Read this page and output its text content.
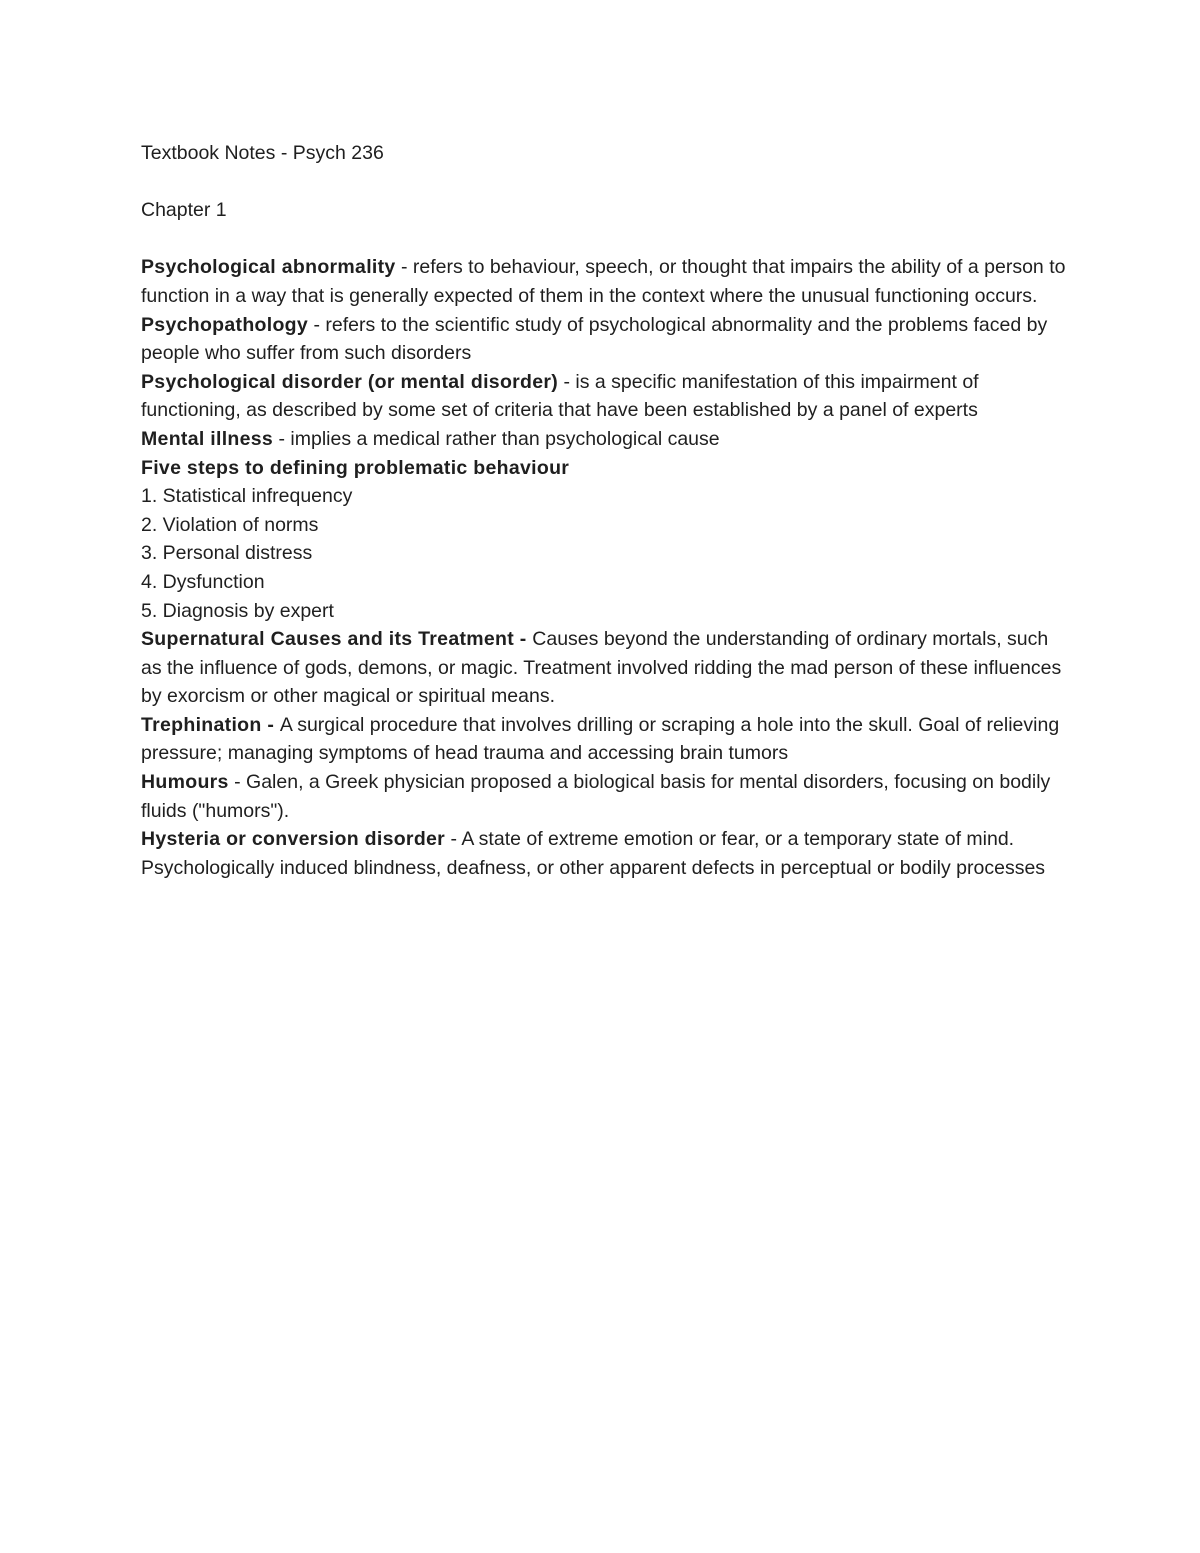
Textbook Notes - Psych 236

Chapter 1

Psychological abnormality - refers to behaviour, speech, or thought that impairs the ability of a person to function in a way that is generally expected of them in the context where the unusual functioning occurs.

Psychopathology - refers to the scientific study of psychological abnormality and the problems faced by people who suffer from such disorders

Psychological disorder (or mental disorder) - is a specific manifestation of this impairment of functioning, as described by some set of criteria that have been established by a panel of experts

Mental illness - implies a medical rather than psychological cause

Five steps to defining problematic behaviour

1. Statistical infrequency
2. Violation of norms
3. Personal distress
4. Dysfunction
5. Diagnosis by expert

Supernatural Causes and its Treatment - Causes beyond the understanding of ordinary mortals, such as the influence of gods, demons, or magic. Treatment involved ridding the mad person of these influences by exorcism or other magical or spiritual means.

Trephination - A surgical procedure that involves drilling or scraping a hole into the skull. Goal of relieving pressure; managing symptoms of head trauma and accessing brain tumors

Humours - Galen, a Greek physician proposed a biological basis for mental disorders, focusing on bodily fluids ("humors").

Hysteria or conversion disorder - A state of extreme emotion or fear, or a temporary state of mind. Psychologically induced blindness, deafness, or other apparent defects in perceptual or bodily processes
